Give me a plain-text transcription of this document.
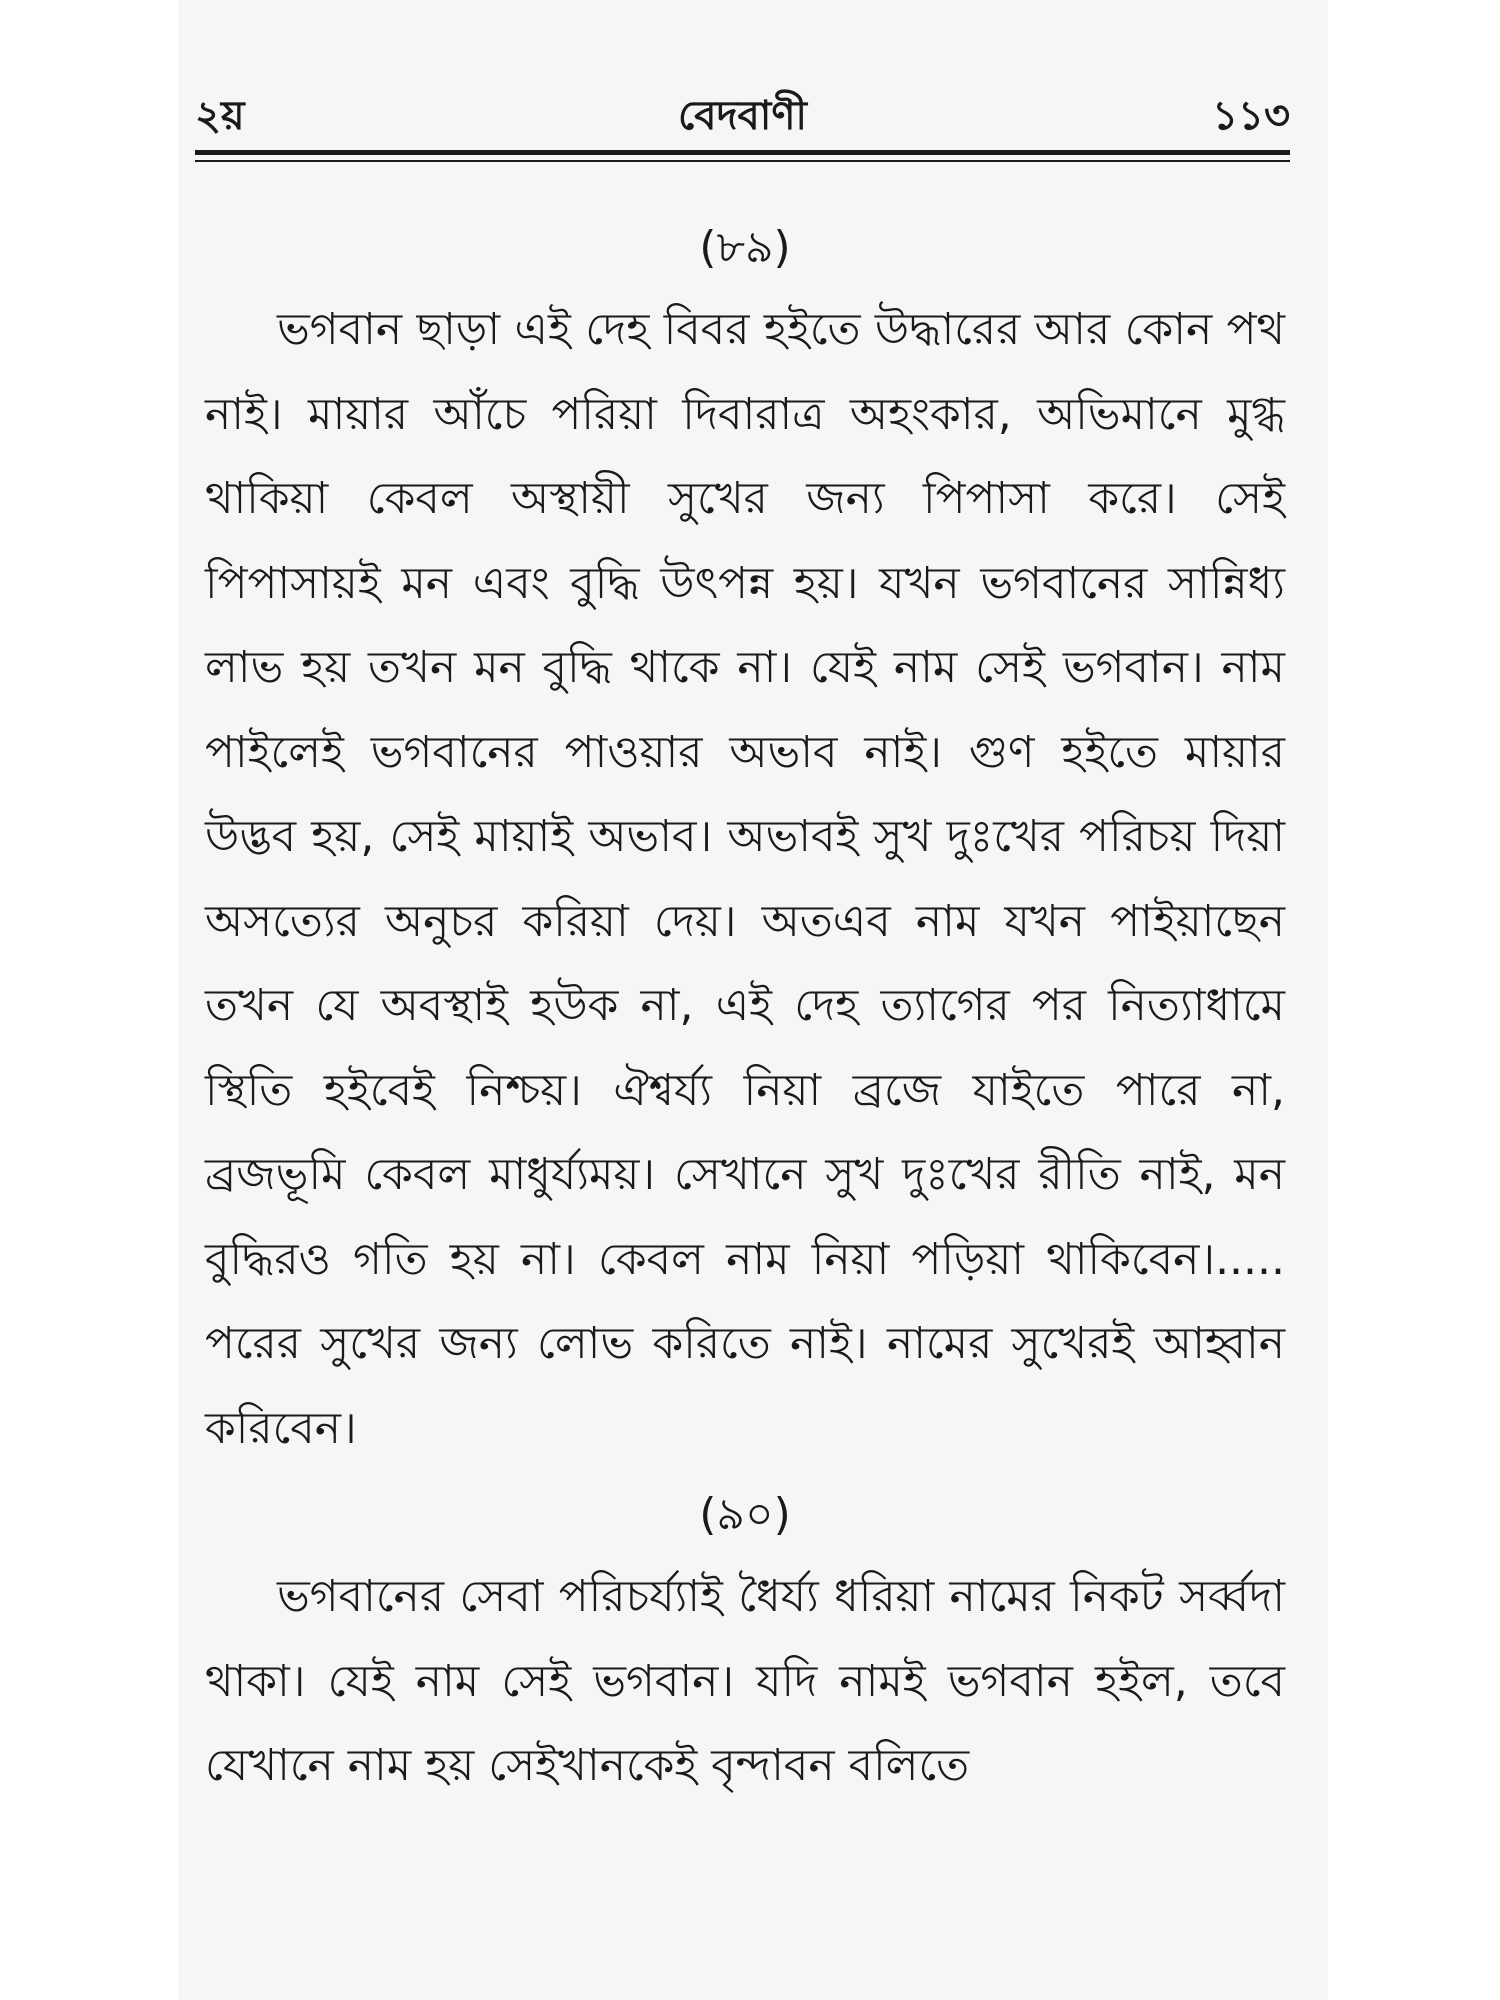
২য়	বেদবাণী	১১৩
(৮৯)

ভগবান ছাড়া এই দেহ বিবর হইতে উদ্ধারের আর কোন পথ নাই। মায়ার আঁচে পরিয়া দিবারাত্র অহংকার, অভিমানে মুগ্ধ থাকিয়া কেবল অস্থায়ী সুখের জন্য পিপাসা করে। সেই পিপাসায়ই মন এবং বুদ্ধি উৎপন্ন হয়। যখন ভগবানের সান্নিধ্য লাভ হয় তখন মন বুদ্ধি থাকে না। যেই নাম সেই ভগবান। নাম পাইলেই ভগবানের পাওয়ার অভাব নাই। গুণ হইতে মায়ার উদ্ভব হয়, সেই মায়াই অভাব। অভাবই সুখ দুঃখের পরিচয় দিয়া অসত্যের অনুচর করিয়া দেয়। অতএব নাম যখন পাইয়াছেন তখন যে অবস্থাই হউক না, এই দেহ ত্যাগের পর নিত্যাধামে স্থিতি হইবেই নিশ্চয়। ঐশ্বর্য্য নিয়া ব্রজে যাইতে পারে না, ব্রজভূমি কেবল মাধুর্য্যময়। সেখানে সুখ দুঃখের রীতি নাই, মন বুদ্ধিরও গতি হয় না। কেবল নাম নিয়া পড়িয়া থাকিবেন।..... পরের সুখের জন্য লোভ করিতে নাই। নামের সুখেরই আহ্বান করিবেন।

(৯০)

ভগবানের সেবা পরিচর্য্যাই ধৈর্য্য ধরিয়া নামের নিকট সর্ব্বদা থাকা। যেই নাম সেই ভগবান। যদি নামই ভগবান হইল, তবে যেখানে নাম হয় সেইখানকেই বৃন্দাবন বলিতে
